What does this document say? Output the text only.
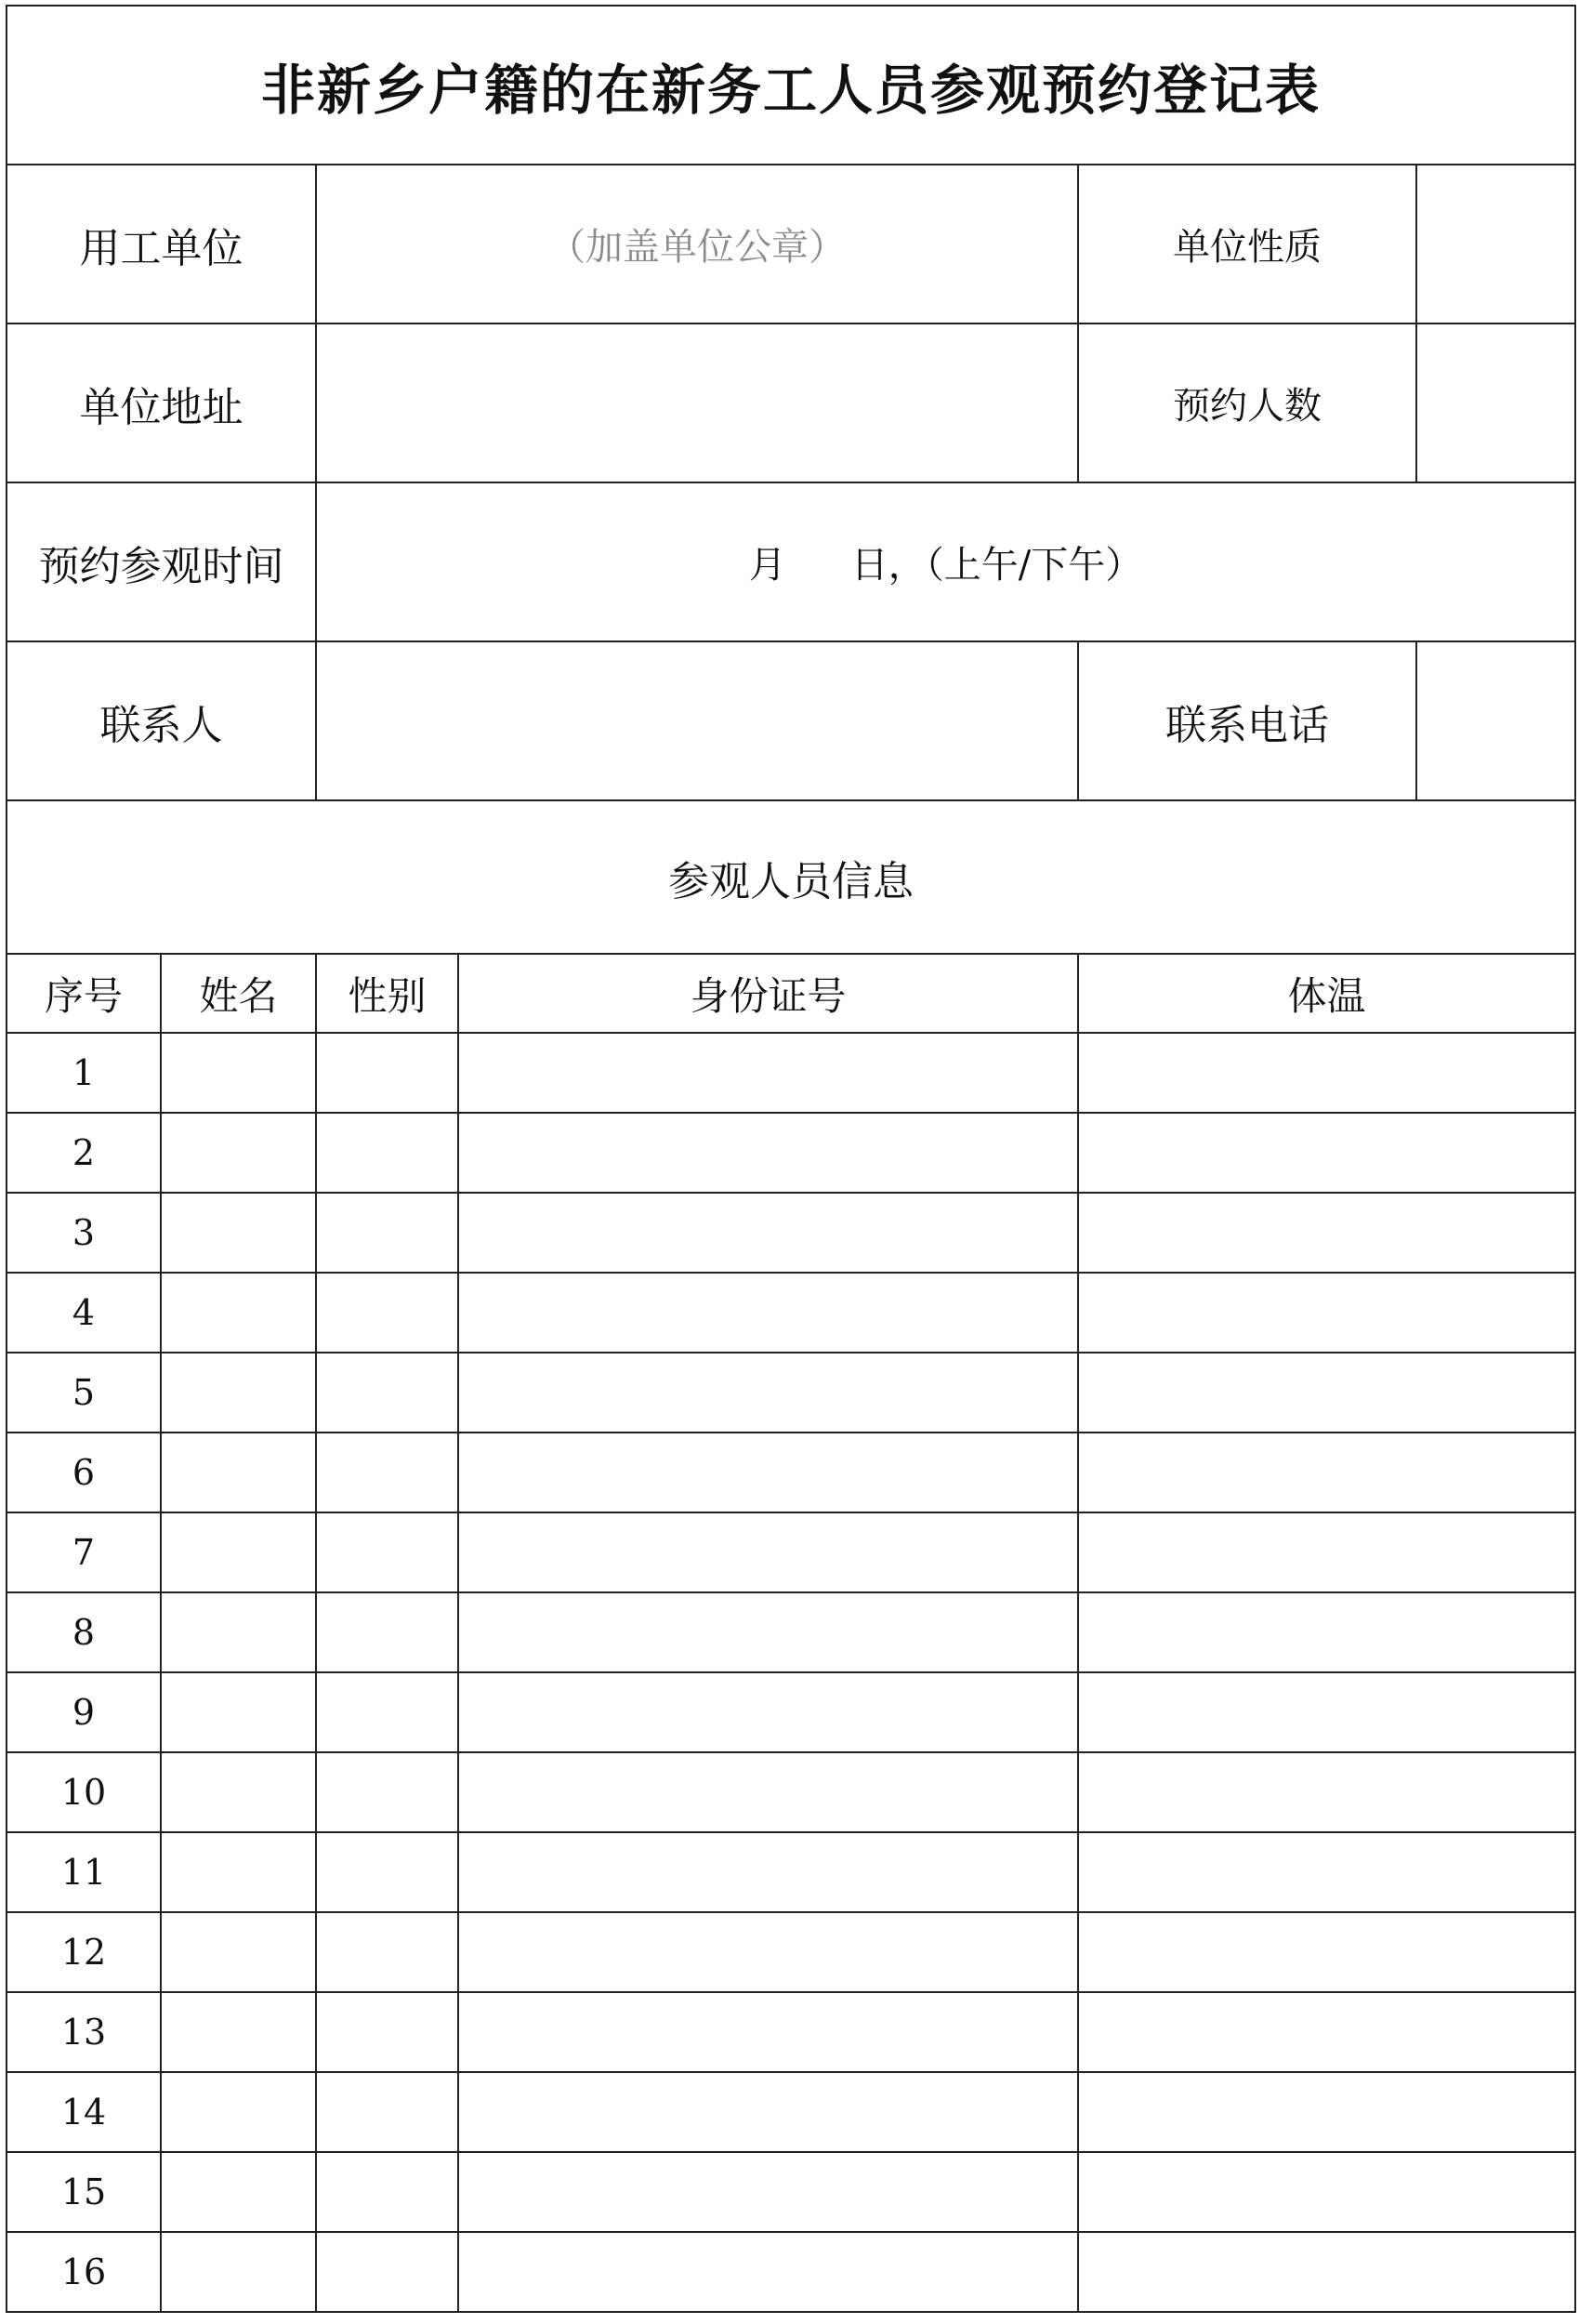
非新乡户籍的在新务工人员参观预约登记表				
用工单位		（加盖单位公章）		单位性质

单位地址				预约人数

预约参观时间		月 日，（上午/下午）		
联系人				联系电话

参观人员信息				
序号	姓名	性别	身份证号	体温
1				
2				
3				
4				
5				
6				
7				
8				
9				
10				
11				
12				
13				
14				
15				
16				
